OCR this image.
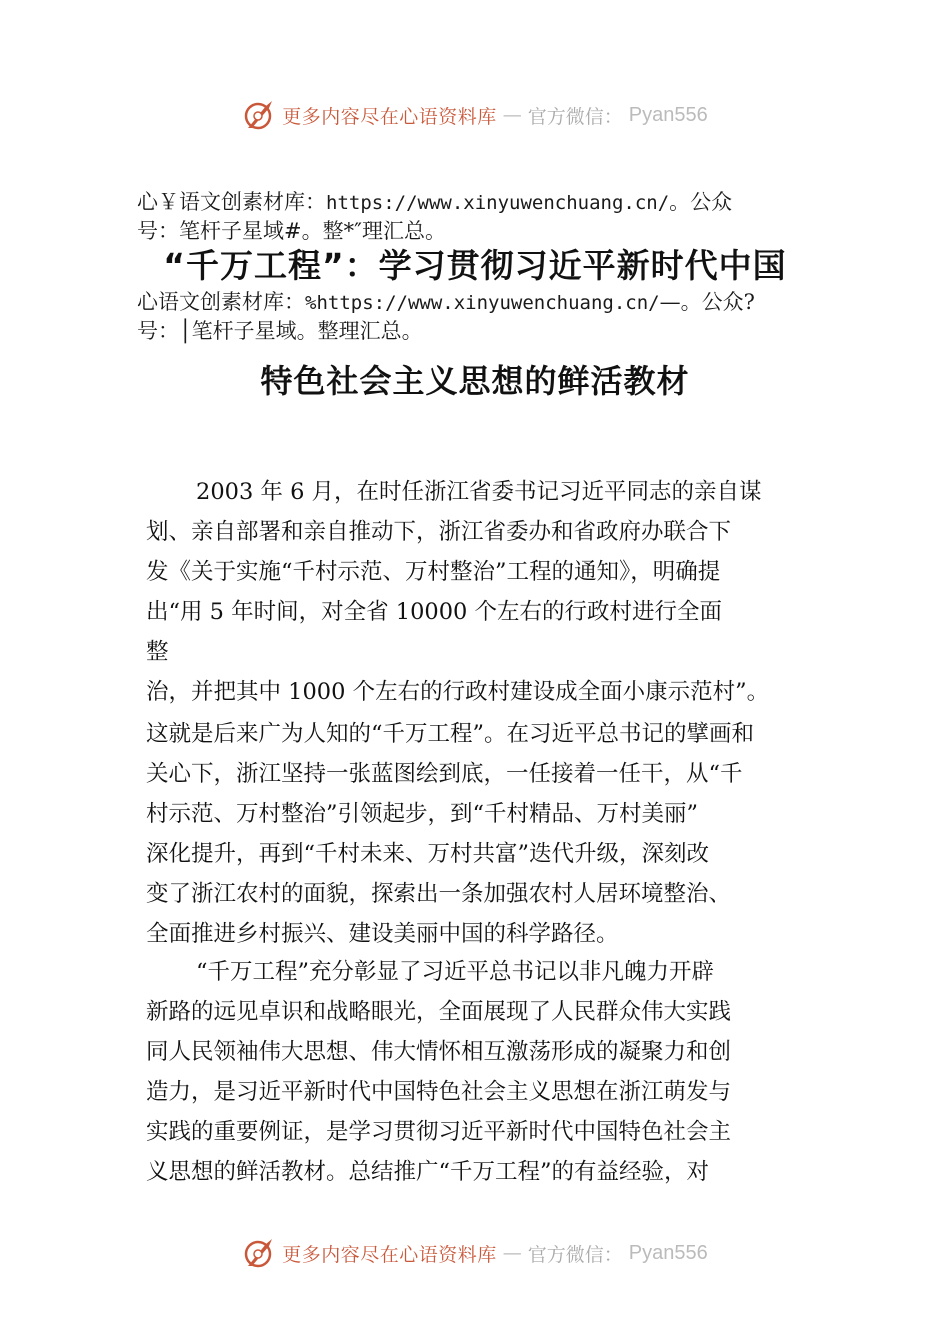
更多内容尽在心语资料库 — 官方微信： Pyan556
心￥语文创素材库：https://www.xinyuwenchuang.cn/。公众
号：笔杆子星域#。整*″理汇总。
“千万工程”：学习贯彻习近平新时代中国
心语文创素材库：%https://www.xinyuwenchuang.cn/—。公众?
号：│笔杆子星域。整理汇总。
特色社会主义思想的鲜活教材
2003 年 6 月，在时任浙江省委书记习近平同志的亲自谋
划、亲自部署和亲自推动下，浙江省委办和省政府办联合下
发《关于实施“千村示范、万村整治”工程的通知》，明确提
出“用 5 年时间，对全省 10000 个左右的行政村进行全面
整
治，并把其中 1000 个左右的行政村建设成全面小康示范村”。
这就是后来广为人知的“千万工程”。在习近平总书记的擘画和
关心下，浙江坚持一张蓝图绘到底，一任接着一任干，从“千
村示范、万村整治”引领起步，到“千村精品、万村美丽”
深化提升，再到“千村未来、万村共富”迭代升级，深刻改
变了浙江农村的面貌，探索出一条加强农村人居环境整治、
全面推进乡村振兴、建设美丽中国的科学路径。
“千万工程”充分彰显了习近平总书记以非凡魄力开辟
新路的远见卓识和战略眼光，全面展现了人民群众伟大实践
同人民领袖伟大思想、伟大情怀相互激荡形成的凝聚力和创
造力，是习近平新时代中国特色社会主义思想在浙江萌发与
实践的重要例证，是学习贯彻习近平新时代中国特色社会主
义思想的鲜活教材。总结推广“千万工程”的有益经验，对
更多内容尽在心语资料库 — 官方微信： Pyan556
